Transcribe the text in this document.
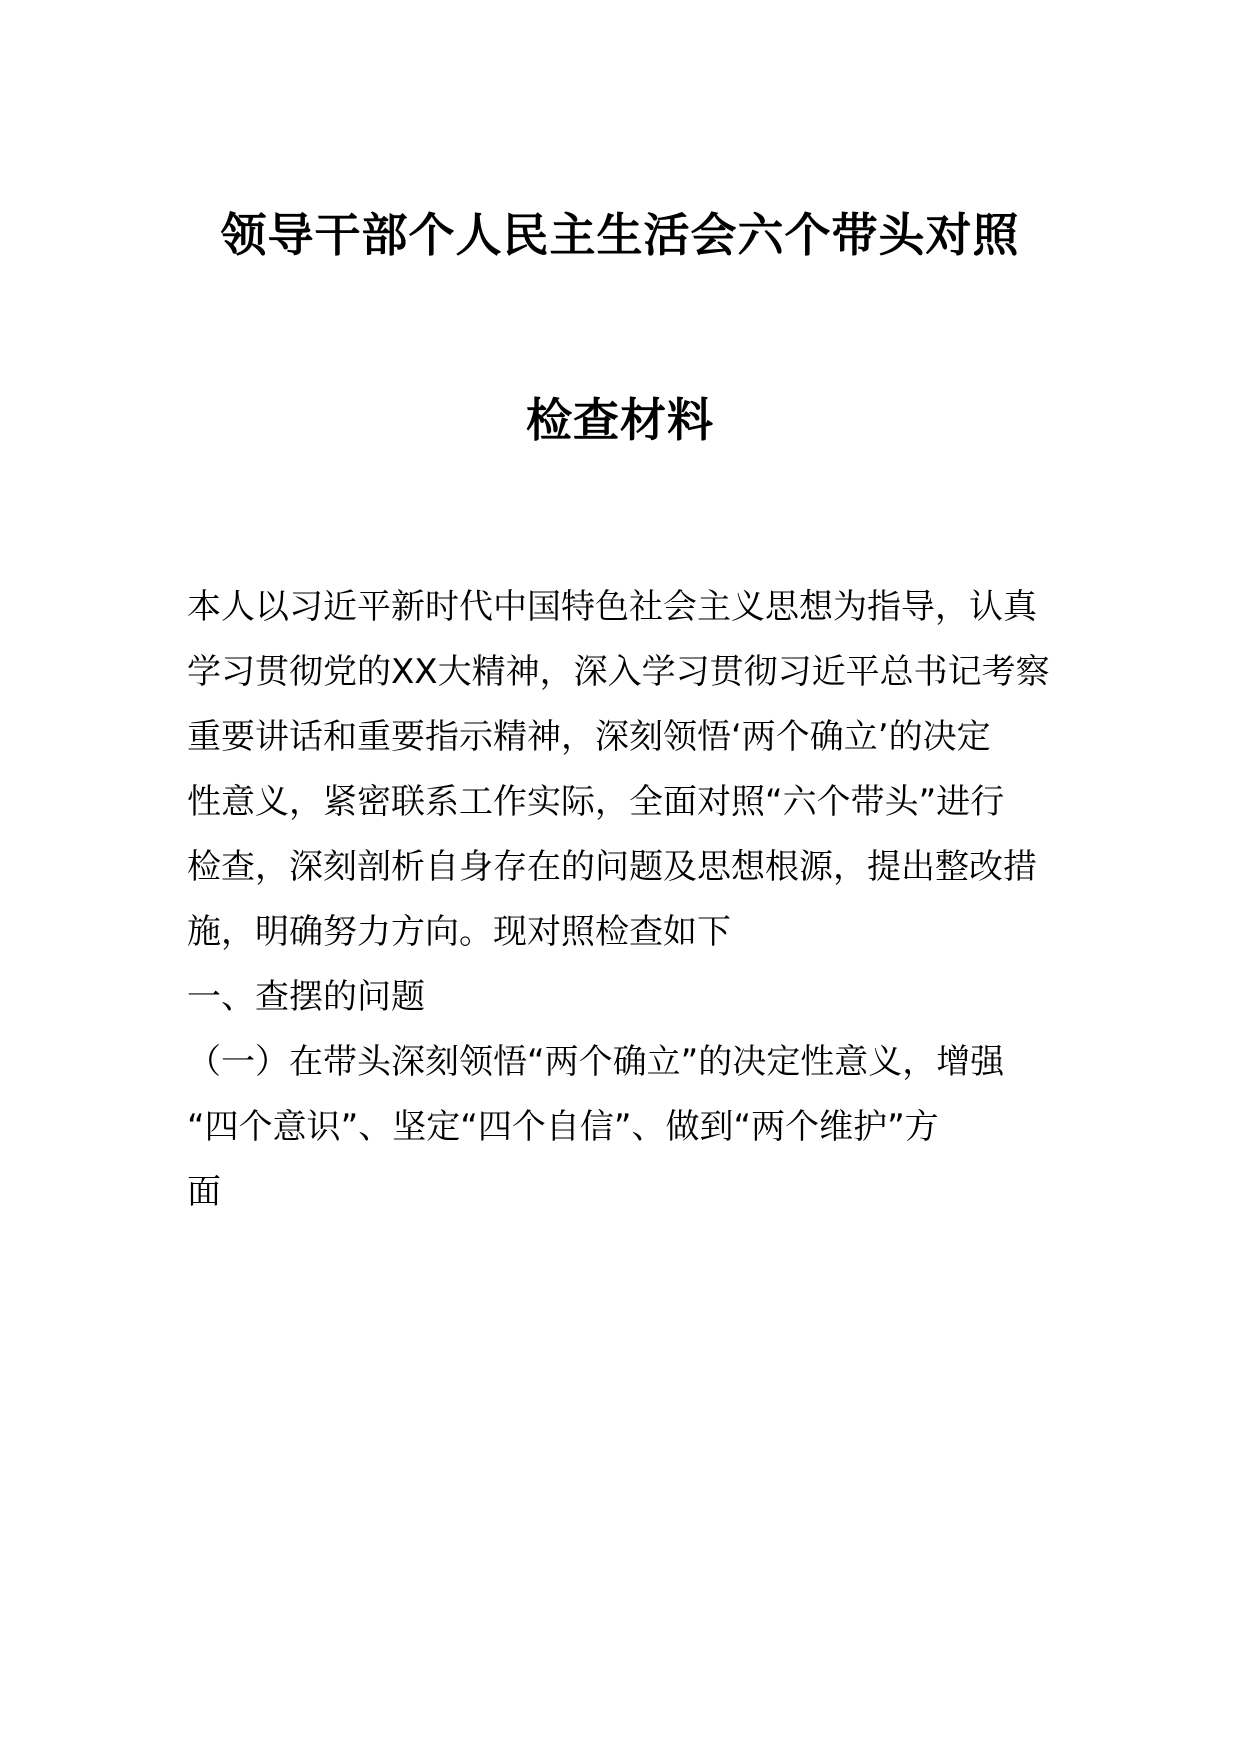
领导干部个人民主生活会六个带头对照
检查材料
本人以习近平新时代中国特色社会主义思想为指导，认真
学习贯彻党的XX大精神，深入学习贯彻习近平总书记考察
重要讲话和重要指示精神，深刻领悟‘两个确立’的决定
性意义，紧密联系工作实际，全面对照“六个带头”进行
检查，深刻剖析自身存在的问题及思想根源，提出整改措
施，明确努力方向。现对照检查如下
一、查摆的问题
（一）在带头深刻领悟“两个确立”的决定性意义，增强
“四个意识”、坚定“四个自信”、做到“两个维护”方
面
